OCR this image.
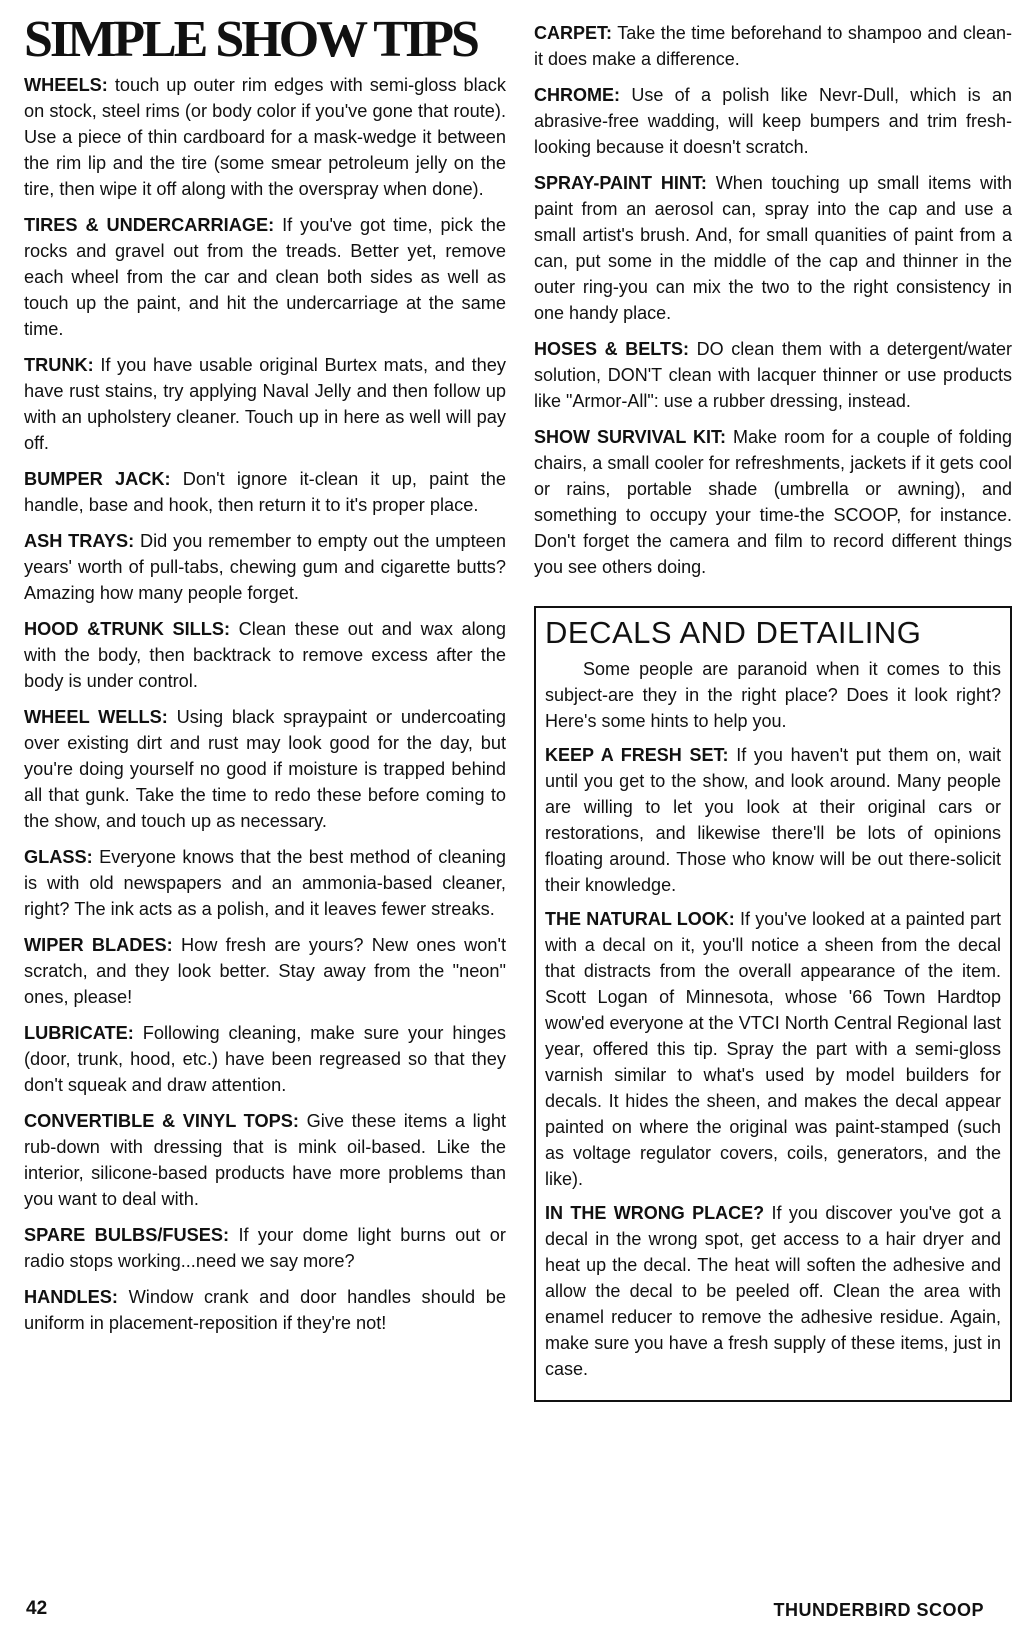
SIMPLE SHOW TIPS

WHEELS: touch up outer rim edges with semi-gloss black on stock, steel rims (or body color if you've gone that route). Use a piece of thin cardboard for a mask-wedge it between the rim lip and the tire (some smear petroleum jelly on the tire, then wipe it off along with the overspray when done).

TIRES & UNDERCARRIAGE: If you've got time, pick the rocks and gravel out from the treads. Better yet, remove each wheel from the car and clean both sides as well as touch up the paint, and hit the undercarriage at the same time.

TRUNK: If you have usable original Burtex mats, and they have rust stains, try applying Naval Jelly and then follow up with an upholstery cleaner. Touch up in here as well will pay off.

BUMPER JACK: Don't ignore it-clean it up, paint the handle, base and hook, then return it to it's proper place.

ASH TRAYS: Did you remember to empty out the umpteen years' worth of pull-tabs, chewing gum and cigarette butts? Amazing how many people forget.

HOOD &TRUNK SILLS: Clean these out and wax along with the body, then backtrack to remove excess after the body is under control.

WHEEL WELLS: Using black spraypaint or undercoating over existing dirt and rust may look good for the day, but you're doing yourself no good if moisture is trapped behind all that gunk. Take the time to redo these before coming to the show, and touch up as necessary.

GLASS: Everyone knows that the best method of cleaning is with old newspapers and an ammonia-based cleaner, right? The ink acts as a polish, and it leaves fewer streaks.

WIPER BLADES: How fresh are yours? New ones won't scratch, and they look better. Stay away from the "neon" ones, please!

LUBRICATE: Following cleaning, make sure your hinges (door, trunk, hood, etc.) have been regreased so that they don't squeak and draw attention.

CONVERTIBLE & VINYL TOPS: Give these items a light rub-down with dressing that is mink oil-based. Like the interior, silicone-based products have more problems than you want to deal with.

SPARE BULBS/FUSES: If your dome light burns out or radio stops working...need we say more?

HANDLES: Window crank and door handles should be uniform in placement-reposition if they're not!

CARPET: Take the time beforehand to shampoo and clean-it does make a difference.

CHROME: Use of a polish like Nevr-Dull, which is an abrasive-free wadding, will keep bumpers and trim fresh-looking because it doesn't scratch.

SPRAY-PAINT HINT: When touching up small items with paint from an aerosol can, spray into the cap and use a small artist's brush. And, for small quanities of paint from a can, put some in the middle of the cap and thinner in the outer ring-you can mix the two to the right consistency in one handy place.

HOSES & BELTS: DO clean them with a detergent/water solution, DON'T clean with lacquer thinner or use products like "Armor-All": use a rubber dressing, instead.

SHOW SURVIVAL KIT: Make room for a couple of folding chairs, a small cooler for refreshments, jackets if it gets cool or rains, portable shade (umbrella or awning), and something to occupy your time-the SCOOP, for instance. Don't forget the camera and film to record different things you see others doing.

DECALS AND DETAILING

Some people are paranoid when it comes to this subject-are they in the right place? Does it look right? Here's some hints to help you.

KEEP A FRESH SET: If you haven't put them on, wait until you get to the show, and look around. Many people are willing to let you look at their original cars or restorations, and likewise there'll be lots of opinions floating around. Those who know will be out there-solicit their knowledge.

THE NATURAL LOOK: If you've looked at a painted part with a decal on it, you'll notice a sheen from the decal that distracts from the overall appearance of the item. Scott Logan of Minnesota, whose '66 Town Hardtop wow'ed everyone at the VTCI North Central Regional last year, offered this tip. Spray the part with a semi-gloss varnish similar to what's used by model builders for decals. It hides the sheen, and makes the decal appear painted on where the original was paint-stamped (such as voltage regulator covers, coils, generators, and the like).

IN THE WRONG PLACE? If you discover you've got a decal in the wrong spot, get access to a hair dryer and heat up the decal. The heat will soften the adhesive and allow the decal to be peeled off. Clean the area with enamel reducer to remove the adhesive residue. Again, make sure you have a fresh supply of these items, just in case.

42	THUNDERBIRD SCOOP
